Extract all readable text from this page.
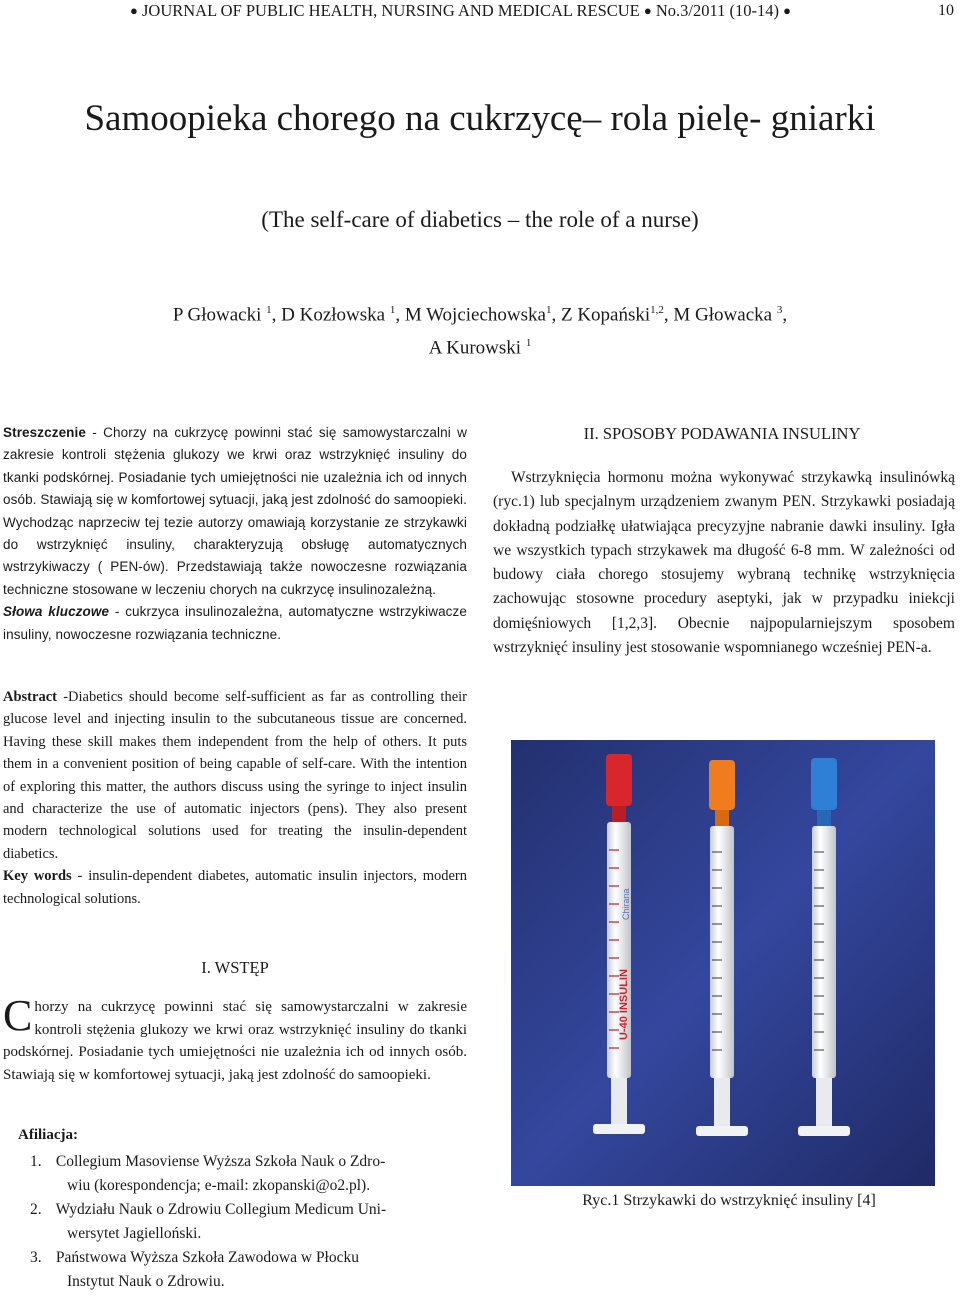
● JOURNAL OF PUBLIC HEALTH, NURSING AND MEDICAL RESCUE ● No.3/2011 (10-14) ●	10
Samoopieka chorego na cukrzycę– rola pielę- gniarki
(The self-care of diabetics – the role of a nurse)
P Głowacki $^1$, D Kozłowska $^1$, M Wojciechowska$^1$, Z Kopański$^{1,2}$, M Głowacka $^3$,
A Kurowski $^1$

Streszczenie - Chorzy na cukrzycę powinni stać się samowystarczalni w zakresie kontroli stężenia glukozy we krwi oraz wstrzyknięć insuliny do tkanki podskórnej. Posiadanie tych umiejętności nie uzależnia ich od innych osób. Stawiają się w komfortowej sytuacji, jaką jest zdolność do samoopieki. Wychodząc naprzeciw tej tezie autorzy omawiają korzystanie ze strzykawki do wstrzyknięć insuliny, charakteryzują obsługę automatycznych wstrzykiwaczy ( PEN-ów). Przedstawiają także nowoczesne rozwiązania techniczne stosowane w leczeniu chorych na cukrzycę insulinozależną.

Słowa kluczowe - cukrzyca insulinozależna, automatyczne wstrzykiwacze insuliny, nowoczesne rozwiązania techniczne.

Abstract -Diabetics should become self-sufficient as far as controlling their glucose level and injecting insulin to the subcutaneous tissue are concerned. Having these skill makes them independent from the help of others. It puts them in a convenient position of being capable of self-care. With the intention of exploring this matter, the authors discuss using the syringe to inject insulin and characterize the use of automatic injectors (pens). They also present modern technological solutions used for treating the insulin-dependent diabetics.

Key words - insulin-dependent diabetes, automatic insulin injectors, modern technological solutions.

I. WSTĘP
C horzy na cukrzycę powinni stać się samowystarczalni w zakresie kontroli stężenia glukozy we krwi oraz wstrzyknięć insuliny do tkanki podskórnej. Posiadanie tych umiejętności nie uzależnia ich od innych osób. Stawiają się w komfortowej sytuacji, jaką jest zdolność do samoopieki.

Afiliacja:
1. Collegium Masoviense Wyższa Szkoła Nauk o Zdro-
wiu (korespondencja; e-mail: zkopanski@o2.pl).
2. Wydziału Nauk o Zdrowiu Collegium Medicum Uni-
wersytet Jagielloński.
3. Państwowa Wyższa Szkoła Zawodowa w Płocku
Instytut Nauk o Zdrowiu.
II. SPOSOBY PODAWANIA INSULINY

Wstrzyknięcia hormonu można wykonywać strzykawką insulinówką (ryc.1) lub specjalnym urządzeniem zwanym PEN. Strzykawki posiadają dokładną podziałkę ułatwiająca precyzyjne nabranie dawki insuliny. Igła we wszystkich typach strzykawek ma długość 6-8 mm. W zależności od budowy ciała chorego stosujemy wybraną technikę wstrzyknięcia zachowując stosowne procedury aseptyki, jak w przypadku iniekcji domięśniowych [1,2,3]. Obecnie najpopularniejszym sposobem wstrzyknięć insuliny jest stosowanie wspomnianego wcześniej PEN-a.

U-40 INSULIN
Chirana
Ryc.1 Strzykawki do wstrzyknięć insuliny [4]
